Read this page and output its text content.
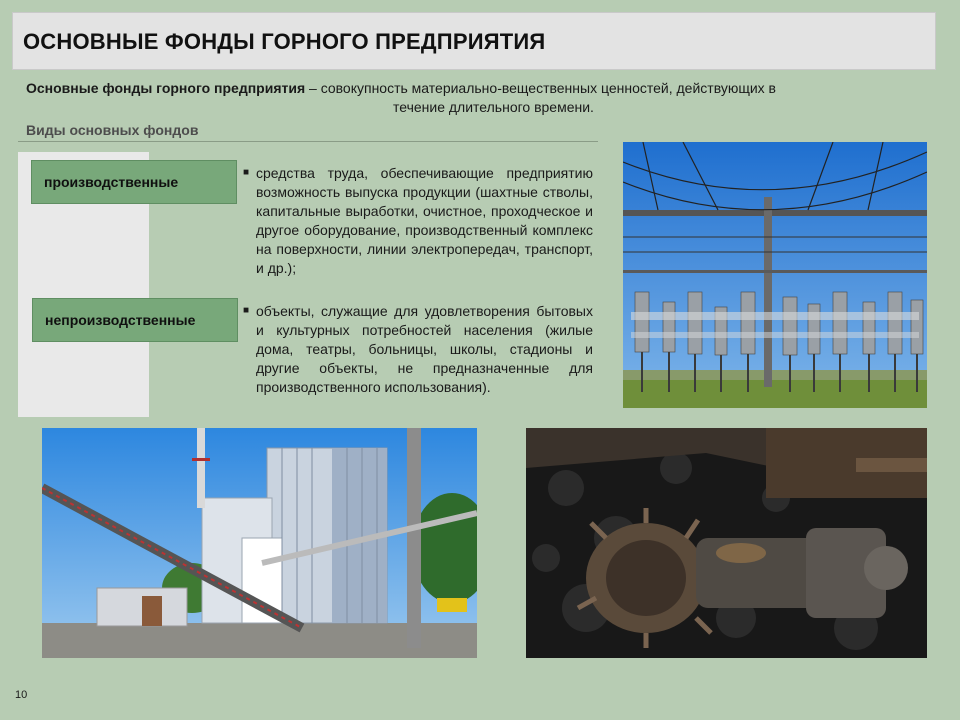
ОСНОВНЫЕ ФОНДЫ ГОРНОГО ПРЕДПРИЯТИЯ
Основные фонды горного предприятия – совокупность материально-вещественных ценностей, действующих в
течение длительного времени.
Виды основных фондов
производственные
непроизводственные
■ средства труда, обеспечивающие предприятию возможность выпуска продукции (шахтные стволы, капитальные выработки, очистное, проходческое и другое оборудование, производственный комплекс на поверхности, линии электропередач, транспорт, и др.);
■ объекты, служащие для удовлетворения бытовых и культурных потребностей населения (жилые дома, театры, больницы, школы, стадионы и другие объекты, не предназначенные для производственного использования).
10
